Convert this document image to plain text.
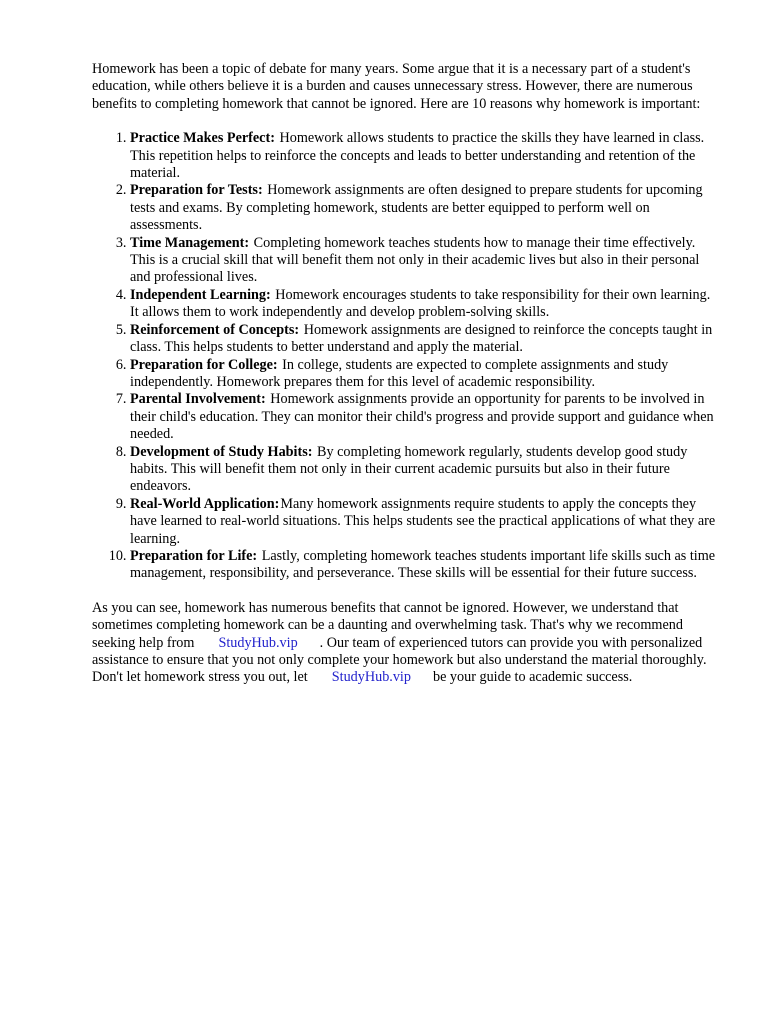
Homework has been a topic of debate for many years. Some argue that it is a necessary part of a student's education, while others believe it is a burden and causes unnecessary stress. However, there are numerous benefits to completing homework that cannot be ignored. Here are 10 reasons why homework is important:

1. Practice Makes Perfect: Homework allows students to practice the skills they have learned in class. This repetition helps to reinforce the concepts and leads to better understanding and retention of the material.
2. Preparation for Tests: Homework assignments are often designed to prepare students for upcoming tests and exams. By completing homework, students are better equipped to perform well on assessments.
3. Time Management: Completing homework teaches students how to manage their time effectively. This is a crucial skill that will benefit them not only in their academic lives but also in their personal and professional lives.
4. Independent Learning: Homework encourages students to take responsibility for their own learning. It allows them to work independently and develop problem-solving skills.
5. Reinforcement of Concepts: Homework assignments are designed to reinforce the concepts taught in class. This helps students to better understand and apply the material.
6. Preparation for College: In college, students are expected to complete assignments and study independently. Homework prepares them for this level of academic responsibility.
7. Parental Involvement: Homework assignments provide an opportunity for parents to be involved in their child's education. They can monitor their child's progress and provide support and guidance when needed.
8. Development of Study Habits: By completing homework regularly, students develop good study habits. This will benefit them not only in their current academic pursuits but also in their future endeavors.
9. Real-World Application:Many homework assignments require students to apply the concepts they have learned to real-world situations. This helps students see the practical applications of what they are learning.
10. Preparation for Life: Lastly, completing homework teaches students important life skills such as time management, responsibility, and perseverance. These skills will be essential for their future success.

As you can see, homework has numerous benefits that cannot be ignored. However, we understand that sometimes completing homework can be a daunting and overwhelming task. That's why we recommend seeking help from StudyHub.vip . Our team of experienced tutors can provide you with personalized assistance to ensure that you not only complete your homework but also understand the material thoroughly. Don't let homework stress you out, let StudyHub.vip be your guide to academic success.
